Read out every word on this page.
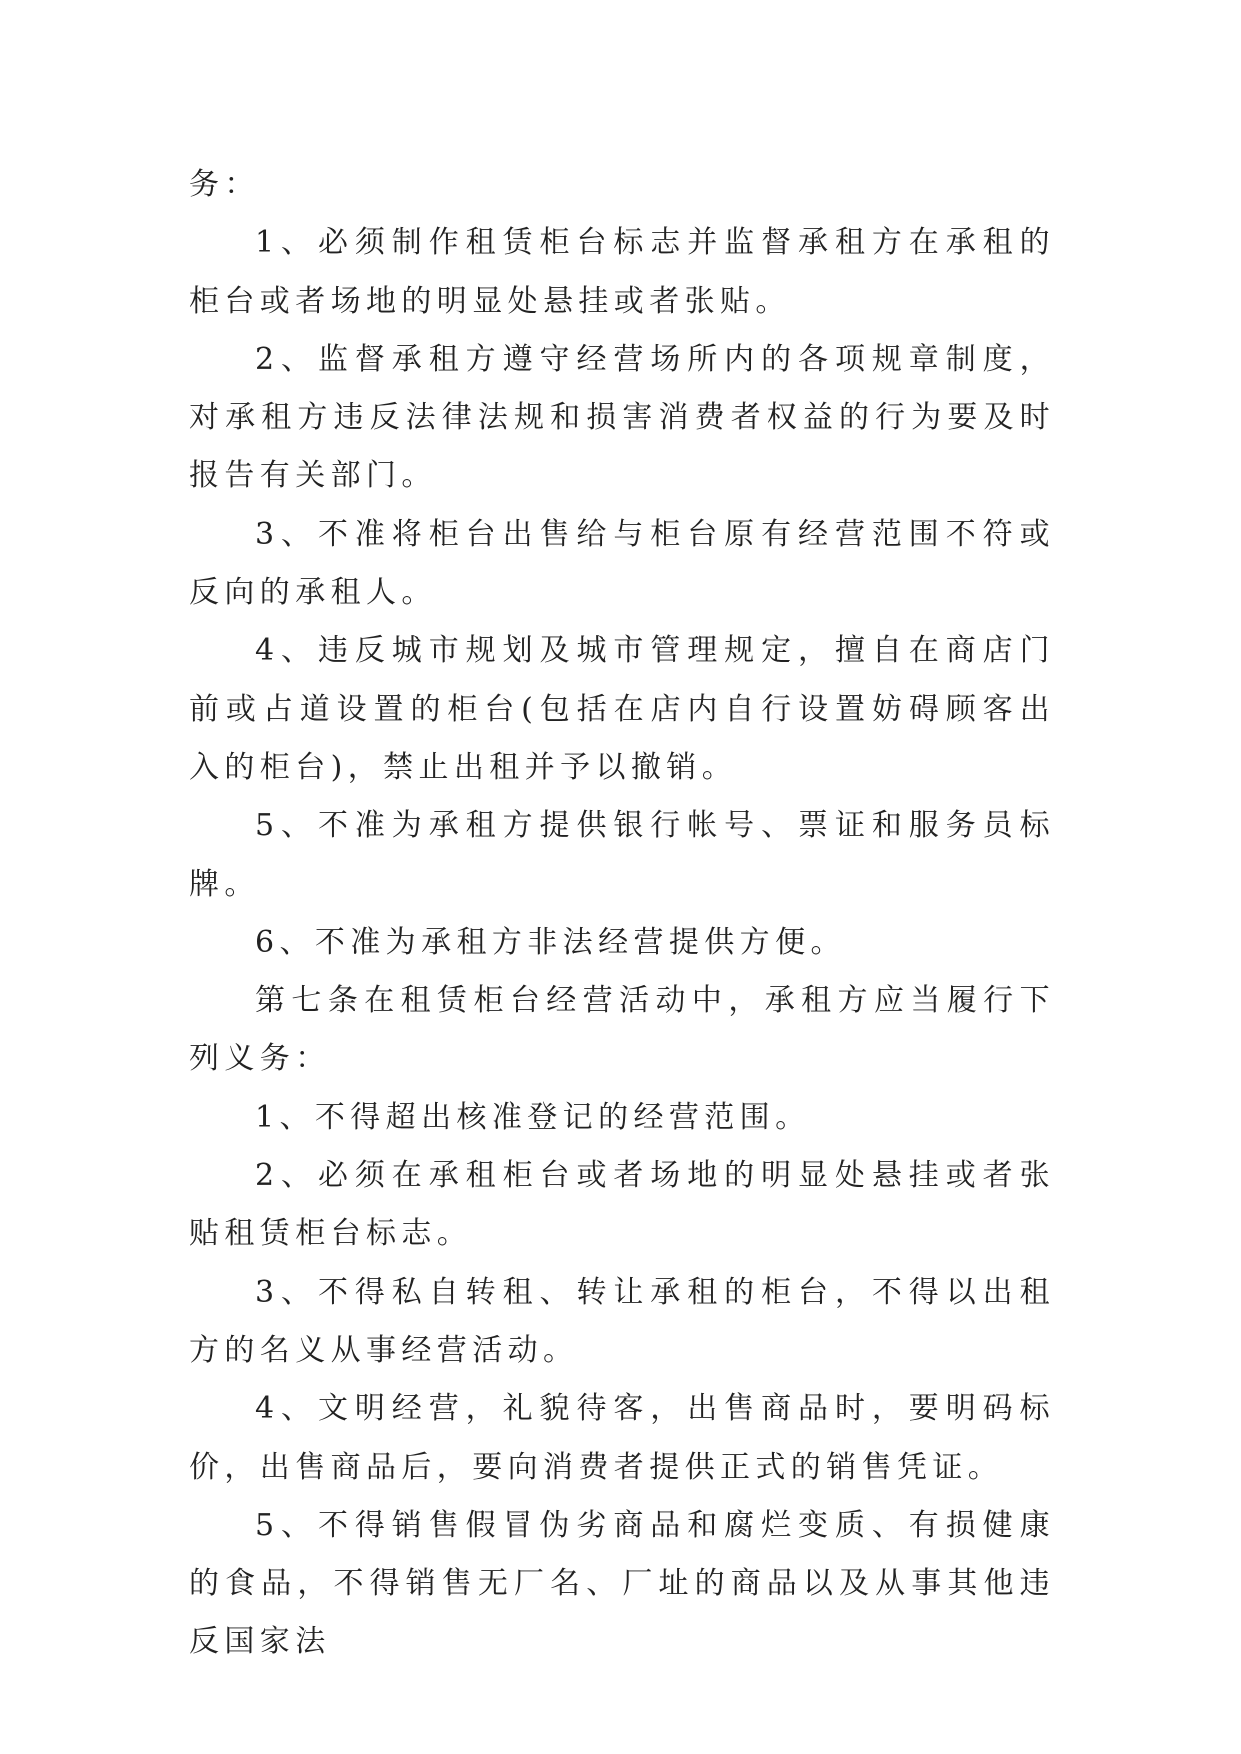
务：

1、必须制作租赁柜台标志并监督承租方在承租的柜台或者场地的明显处悬挂或者张贴。

2、监督承租方遵守经营场所内的各项规章制度，对承租方违反法律法规和损害消费者权益的行为要及时报告有关部门。

3、不准将柜台出售给与柜台原有经营范围不符或反向的承租人。

4、违反城市规划及城市管理规定，擅自在商店门前或占道设置的柜台(包括在店内自行设置妨碍顾客出入的柜台)，禁止出租并予以撤销。

5、不准为承租方提供银行帐号、票证和服务员标牌。

6、不准为承租方非法经营提供方便。

第七条在租赁柜台经营活动中，承租方应当履行下列义务：

1、不得超出核准登记的经营范围。

2、必须在承租柜台或者场地的明显处悬挂或者张贴租赁柜台标志。

3、不得私自转租、转让承租的柜台，不得以出租方的名义从事经营活动。

4、文明经营，礼貌待客，出售商品时，要明码标价，出售商品后，要向消费者提供正式的销售凭证。

5、不得销售假冒伪劣商品和腐烂变质、有损健康的食品，不得销售无厂名、厂址的商品以及从事其他违反国家法
